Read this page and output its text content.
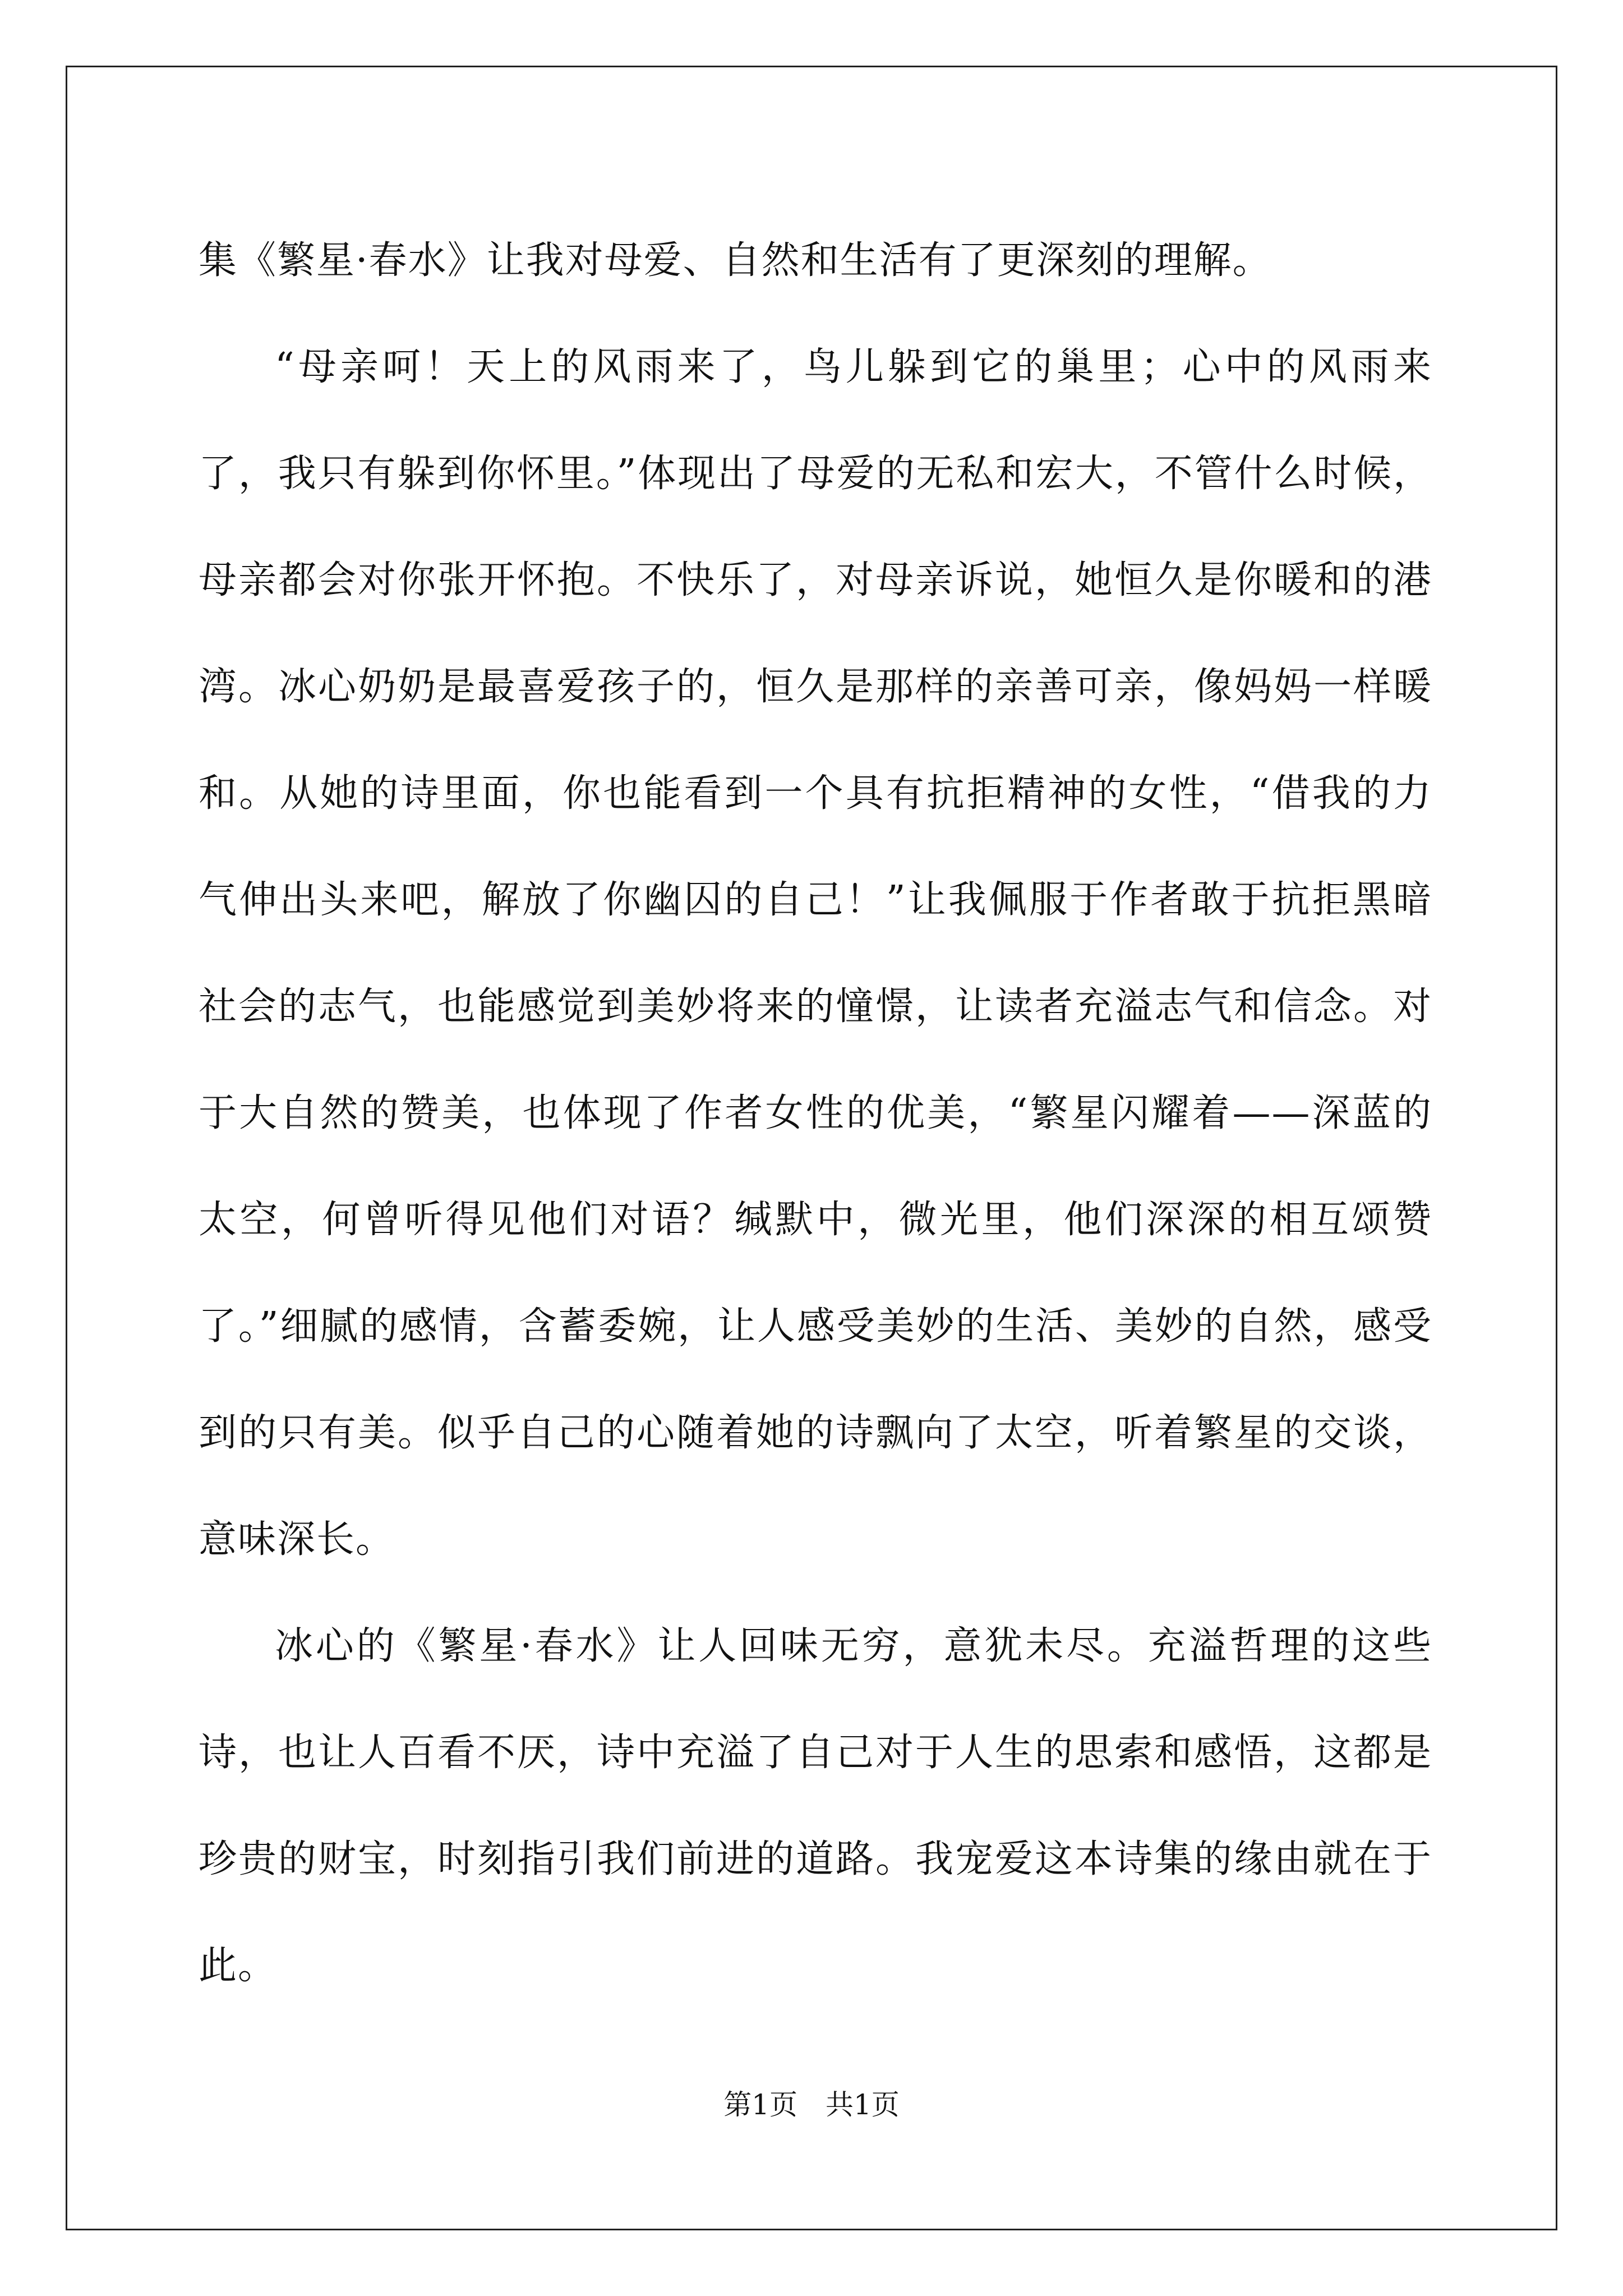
集《繁星·春水》让我对母爱、自然和生活有了更深刻的理解。

“母亲呵！天上的风雨来了，鸟儿躲到它的巢里；心中的风雨来了，我只有躲到你怀里。”体现出了母爱的无私和宏大，不管什么时候，母亲都会对你张开怀抱。不快乐了，对母亲诉说，她恒久是你暖和的港湾。冰心奶奶是最喜爱孩子的，恒久是那样的亲善可亲，像妈妈一样暖和。从她的诗里面，你也能看到一个具有抗拒精神的女性，“借我的力气伸出头来吧，解放了你幽囚的自己！”让我佩服于作者敢于抗拒黑暗社会的志气，也能感觉到美妙将来的憧憬，让读者充溢志气和信念。对于大自然的赞美，也体现了作者女性的优美，“繁星闪耀着——深蓝的太空，何曾听得见他们对语？缄默中，微光里，他们深深的相互颂赞了。”细腻的感情，含蓄委婉，让人感受美妙的生活、美妙的自然，感受到的只有美。似乎自己的心随着她的诗飘向了太空，听着繁星的交谈，意味深长。

冰心的《繁星·春水》让人回味无穷，意犹未尽。充溢哲理的这些诗，也让人百看不厌，诗中充溢了自己对于人生的思索和感悟，这都是珍贵的财宝，时刻指引我们前进的道路。我宠爱这本诗集的缘由就在于此。

第1页　共1页
